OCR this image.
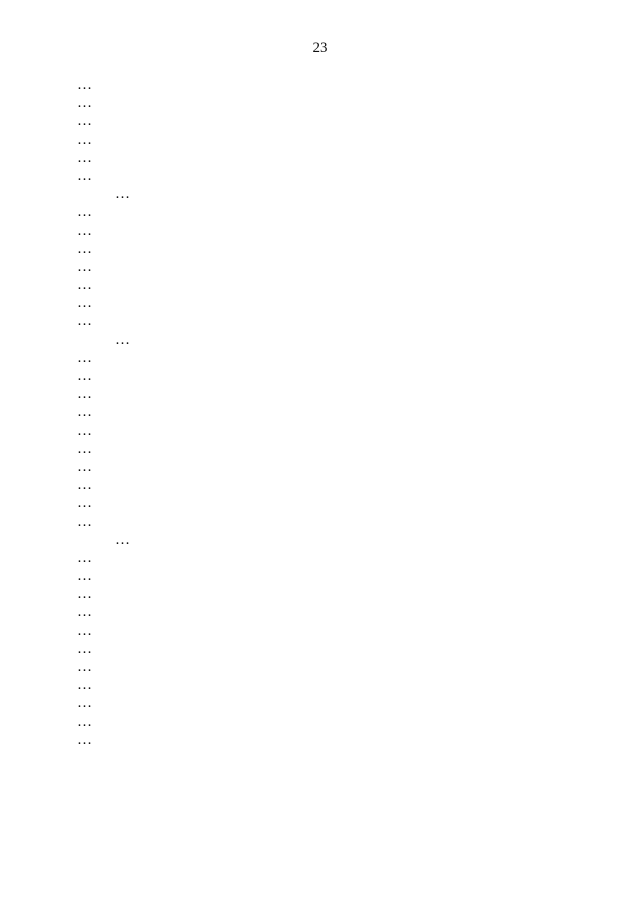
23
…
…
…
…
…
…
…
…
…
…
…
…
…
…
…
…
…
…
…
…
…
…
…
…
…
…
…
…
…
…
…
…
…
…
…
…
…
